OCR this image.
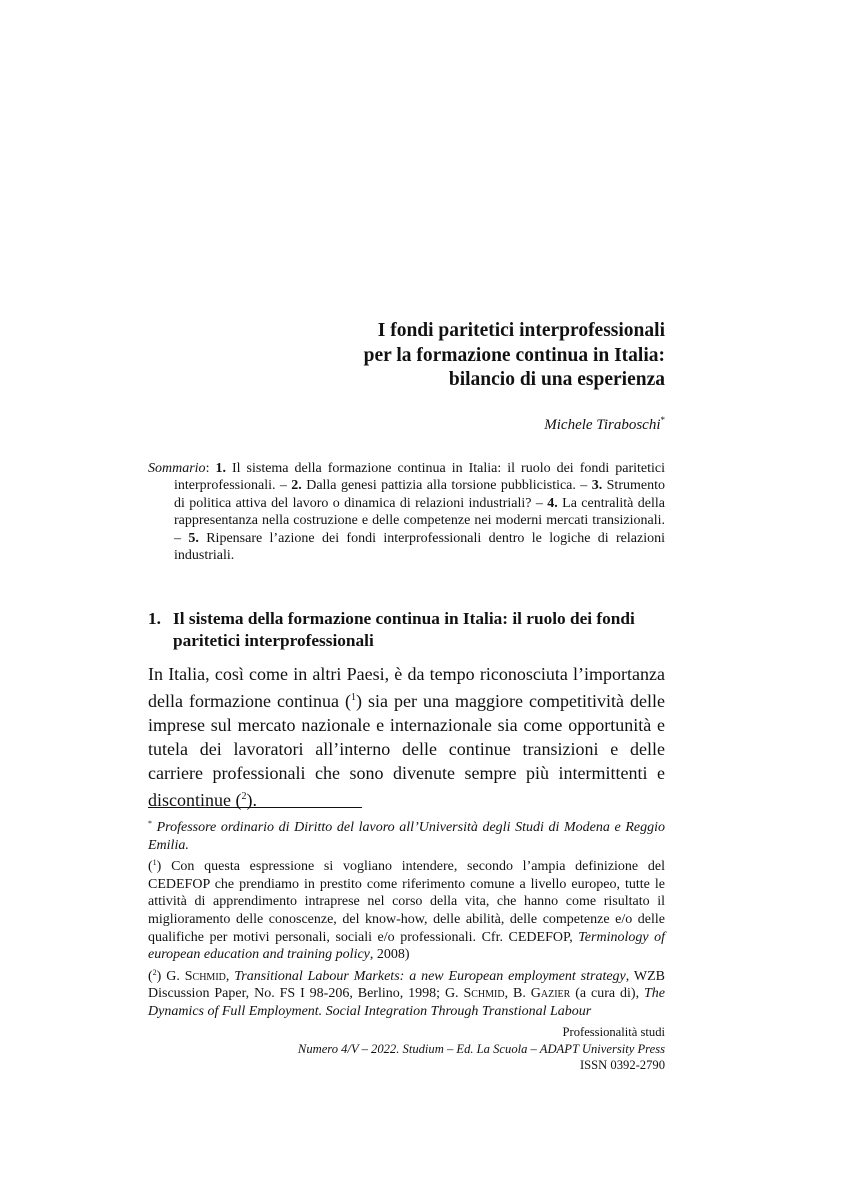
I fondi paritetici interprofessionali
per la formazione continua in Italia:
bilancio di una esperienza
Michele Tiraboschi*

Sommario: 1. Il sistema della formazione continua in Italia: il ruolo dei fondi paritetici interprofessionali. – 2. Dalla genesi pattizia alla torsione pubblicistica. – 3. Strumento di politica attiva del lavoro o dinamica di relazioni industriali? – 4. La centralità della rappresentanza nella costruzione e delle competenze nei moderni mercati transizionali. – 5. Ripensare l’azione dei fondi interprofessionali dentro le logiche di relazioni industriali.

1. Il sistema della formazione continua in Italia: il ruolo dei fondi paritetici interprofessionali

In Italia, così come in altri Paesi, è da tempo riconosciuta l’importanza della formazione continua ($^1$) sia per una maggiore competitività delle imprese sul mercato nazionale e internazionale sia come opportunità e tutela dei lavoratori all’interno delle continue transizioni e delle carriere professionali che sono divenute sempre più intermittenti e discontinue ($^2$).

* Professore ordinario di Diritto del lavoro all’Università degli Studi di Modena e Reggio Emilia.

($^1$) Con questa espressione si vogliano intendere, secondo l’ampia definizione del CEDEFOP che prendiamo in prestito come riferimento comune a livello europeo, tutte le attività di apprendimento intraprese nel corso della vita, che hanno come risultato il miglioramento delle conoscenze, del know-how, delle abilità, delle competenze e/o delle qualifiche per motivi personali, sociali e/o professionali. Cfr. CEDEFOP, Terminology of european education and training policy, 2008)

($^2$) G. Schmid, Transitional Labour Markets: a new European employment strategy, WZB Discussion Paper, No. FS I 98-206, Berlino, 1998; G. Schmid, B. Gazier (a cura di), The Dynamics of Full Employment. Social Integration Through Transtional Labour

Professionalità studi
Numero 4/V – 2022. Studium – Ed. La Scuola – ADAPT University Press
ISSN 0392-2790
